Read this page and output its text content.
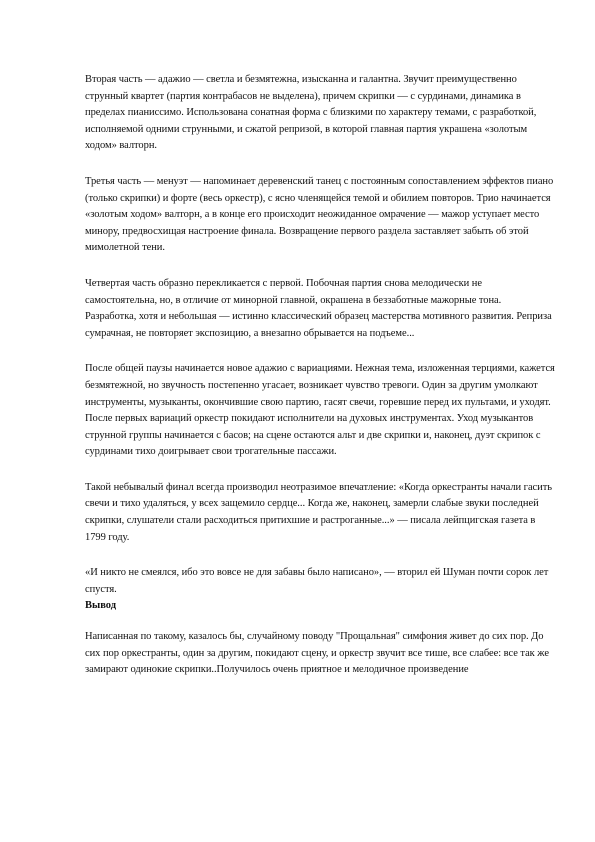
Вторая часть — адажио — светла и безмятежна, изысканна и галантна. Звучит преимущественно струнный квартет (партия контрабасов не выделена), причем скрипки — с сурдинами, динамика в пределах пианиссимо. Использована сонатная форма с близкими по характеру темами, с разработкой, исполняемой одними струнными, и сжатой репризой, в которой главная партия украшена «золотым ходом» валторн.

Третья часть — менуэт — напоминает деревенский танец с постоянным сопоставлением эффектов пиано (только скрипки) и форте (весь оркестр), с ясно членящейся темой и обилием повторов. Трио начинается «золотым ходом» валторн, а в конце его происходит неожиданное омрачение — мажор уступает место минору, предвосхищая настроение финала. Возвращение первого раздела заставляет забыть об этой мимолетной тени.

Четвертая часть образно перекликается с первой. Побочная партия снова мелодически не самостоятельна, но, в отличие от минорной главной, окрашена в беззаботные мажорные тона. Разработка, хотя и небольшая — истинно классический образец мастерства мотивного развития. Реприза сумрачная, не повторяет экспозицию, а внезапно обрывается на подъеме...

После общей паузы начинается новое адажио с вариациями. Нежная тема, изложенная терциями, кажется безмятежной, но звучность постепенно угасает, возникает чувство тревоги. Один за другим умолкают инструменты, музыканты, окончившие свою партию, гасят свечи, горевшие перед их пультами, и уходят. После первых вариаций оркестр покидают исполнители на духовых инструментах. Уход музыкантов струнной группы начинается с басов; на сцене остаются альт и две скрипки и, наконец, дуэт скрипок с сурдинами тихо доигрывает свои трогательные пассажи.

Такой небывалый финал всегда производил неотразимое впечатление: «Когда оркестранты начали гасить свечи и тихо удаляться, у всех защемило сердце... Когда же, наконец, замерли слабые звуки последней скрипки, слушатели стали расходиться притихшие и растроганные...» — писала лейпцигская газета в 1799 году.

«И никто не смеялся, ибо это вовсе не для забавы было написано», — вторил ей Шуман почти сорок лет спустя.

Вывод

Написанная по такому, казалось бы, случайному поводу "Прощальная" симфония живет до сих пор. До сих пор оркестранты, один за другим, покидают сцену, и оркестр звучит все тише, все слабее: все так же замирают одинокие скрипки..Получилось очень приятное и мелодичное произведение
